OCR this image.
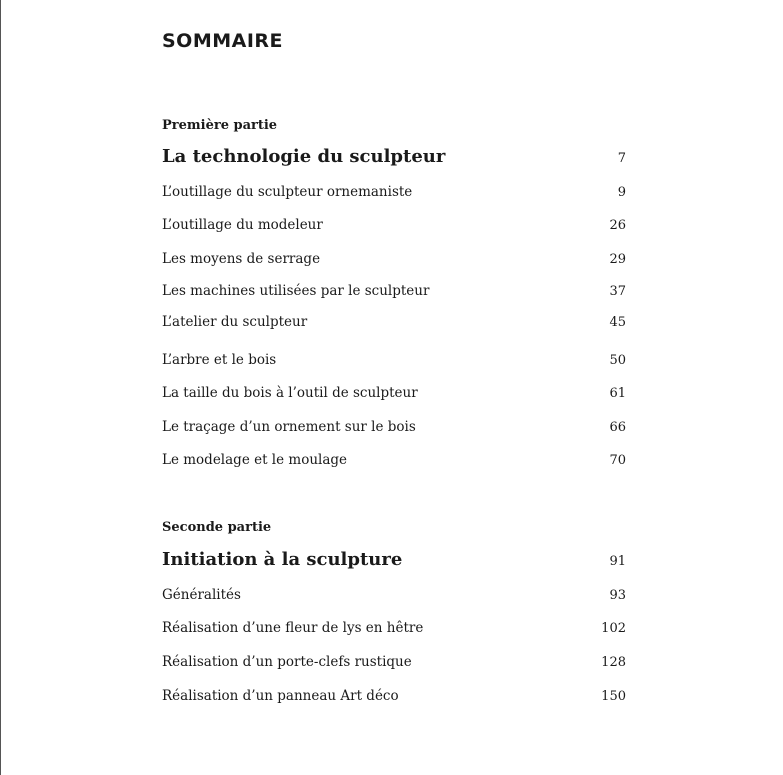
SOMMAIRE
Première partie
La technologie du sculpteur	7
L’outillage du sculpteur ornemaniste	9
L’outillage du modeleur	26
Les moyens de serrage	29
Les machines utilisées par le sculpteur	37
L’atelier du sculpteur	45
L’arbre et le bois	50
La taille du bois à l’outil de sculpteur	61
Le traçage d’un ornement sur le bois	66
Le modelage et le moulage	70
Seconde partie
Initiation à la sculpture	91
Généralités	93
Réalisation d’une fleur de lys en hêtre	102
Réalisation d’un porte-clefs rustique	128
Réalisation d’un panneau Art déco	150
